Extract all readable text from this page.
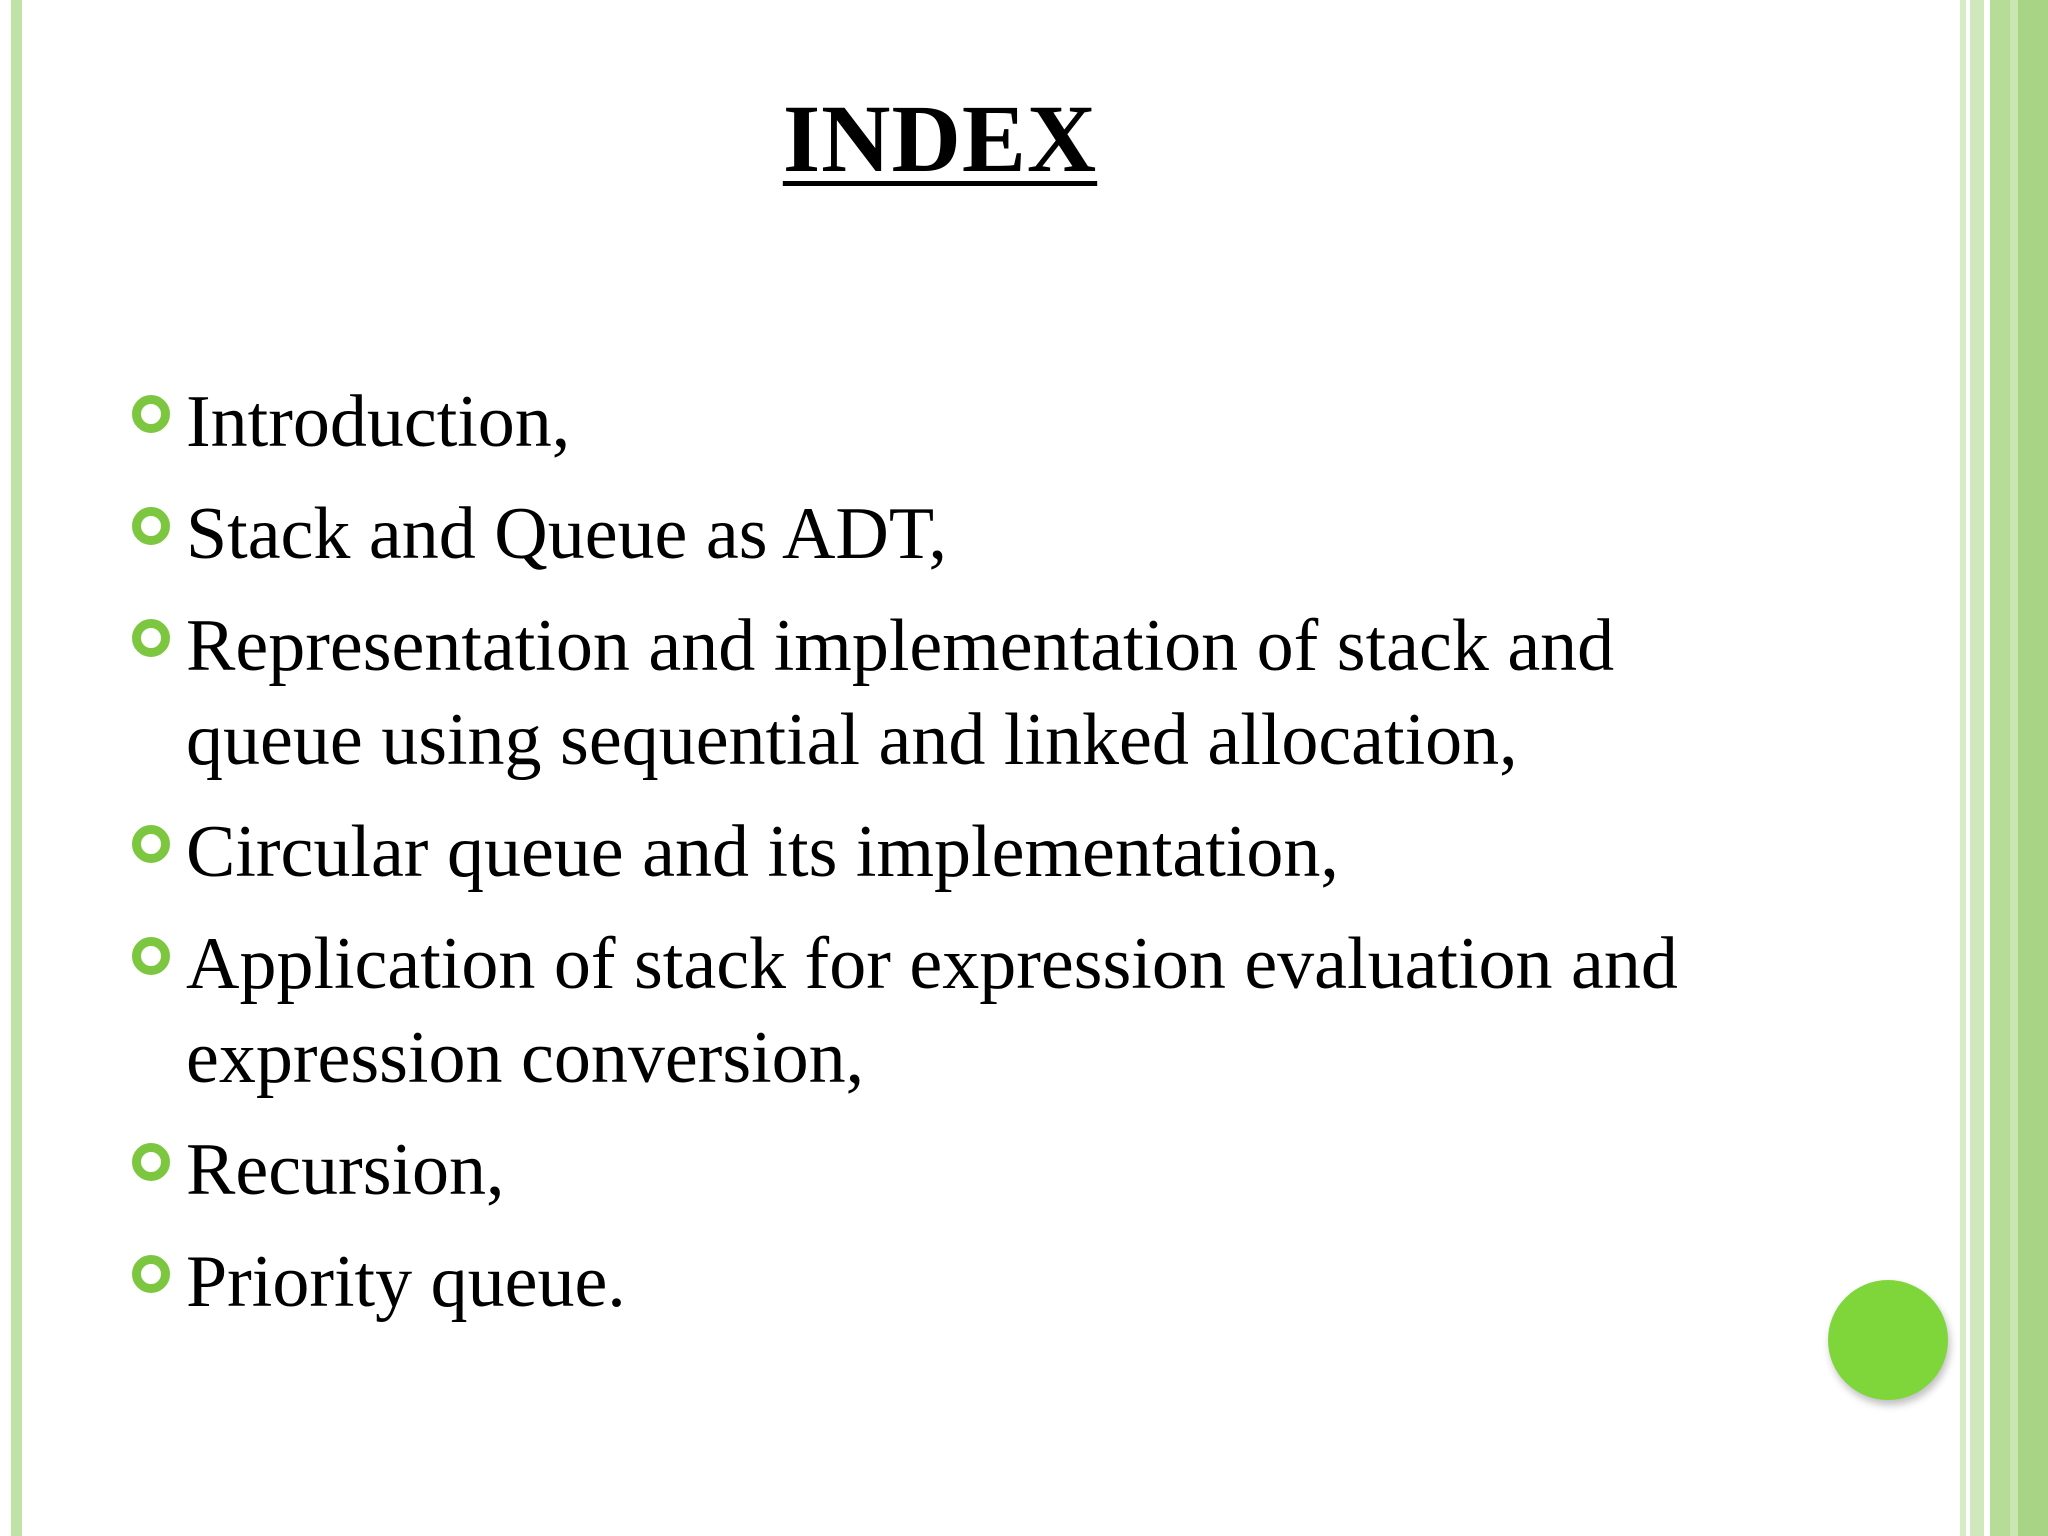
INDEX
Introduction,
Stack and Queue as ADT,
Representation and implementation of stack and queue using sequential and linked allocation,
Circular queue and its implementation,
Application of stack for expression evaluation and expression conversion,
Recursion,
Priority queue.
